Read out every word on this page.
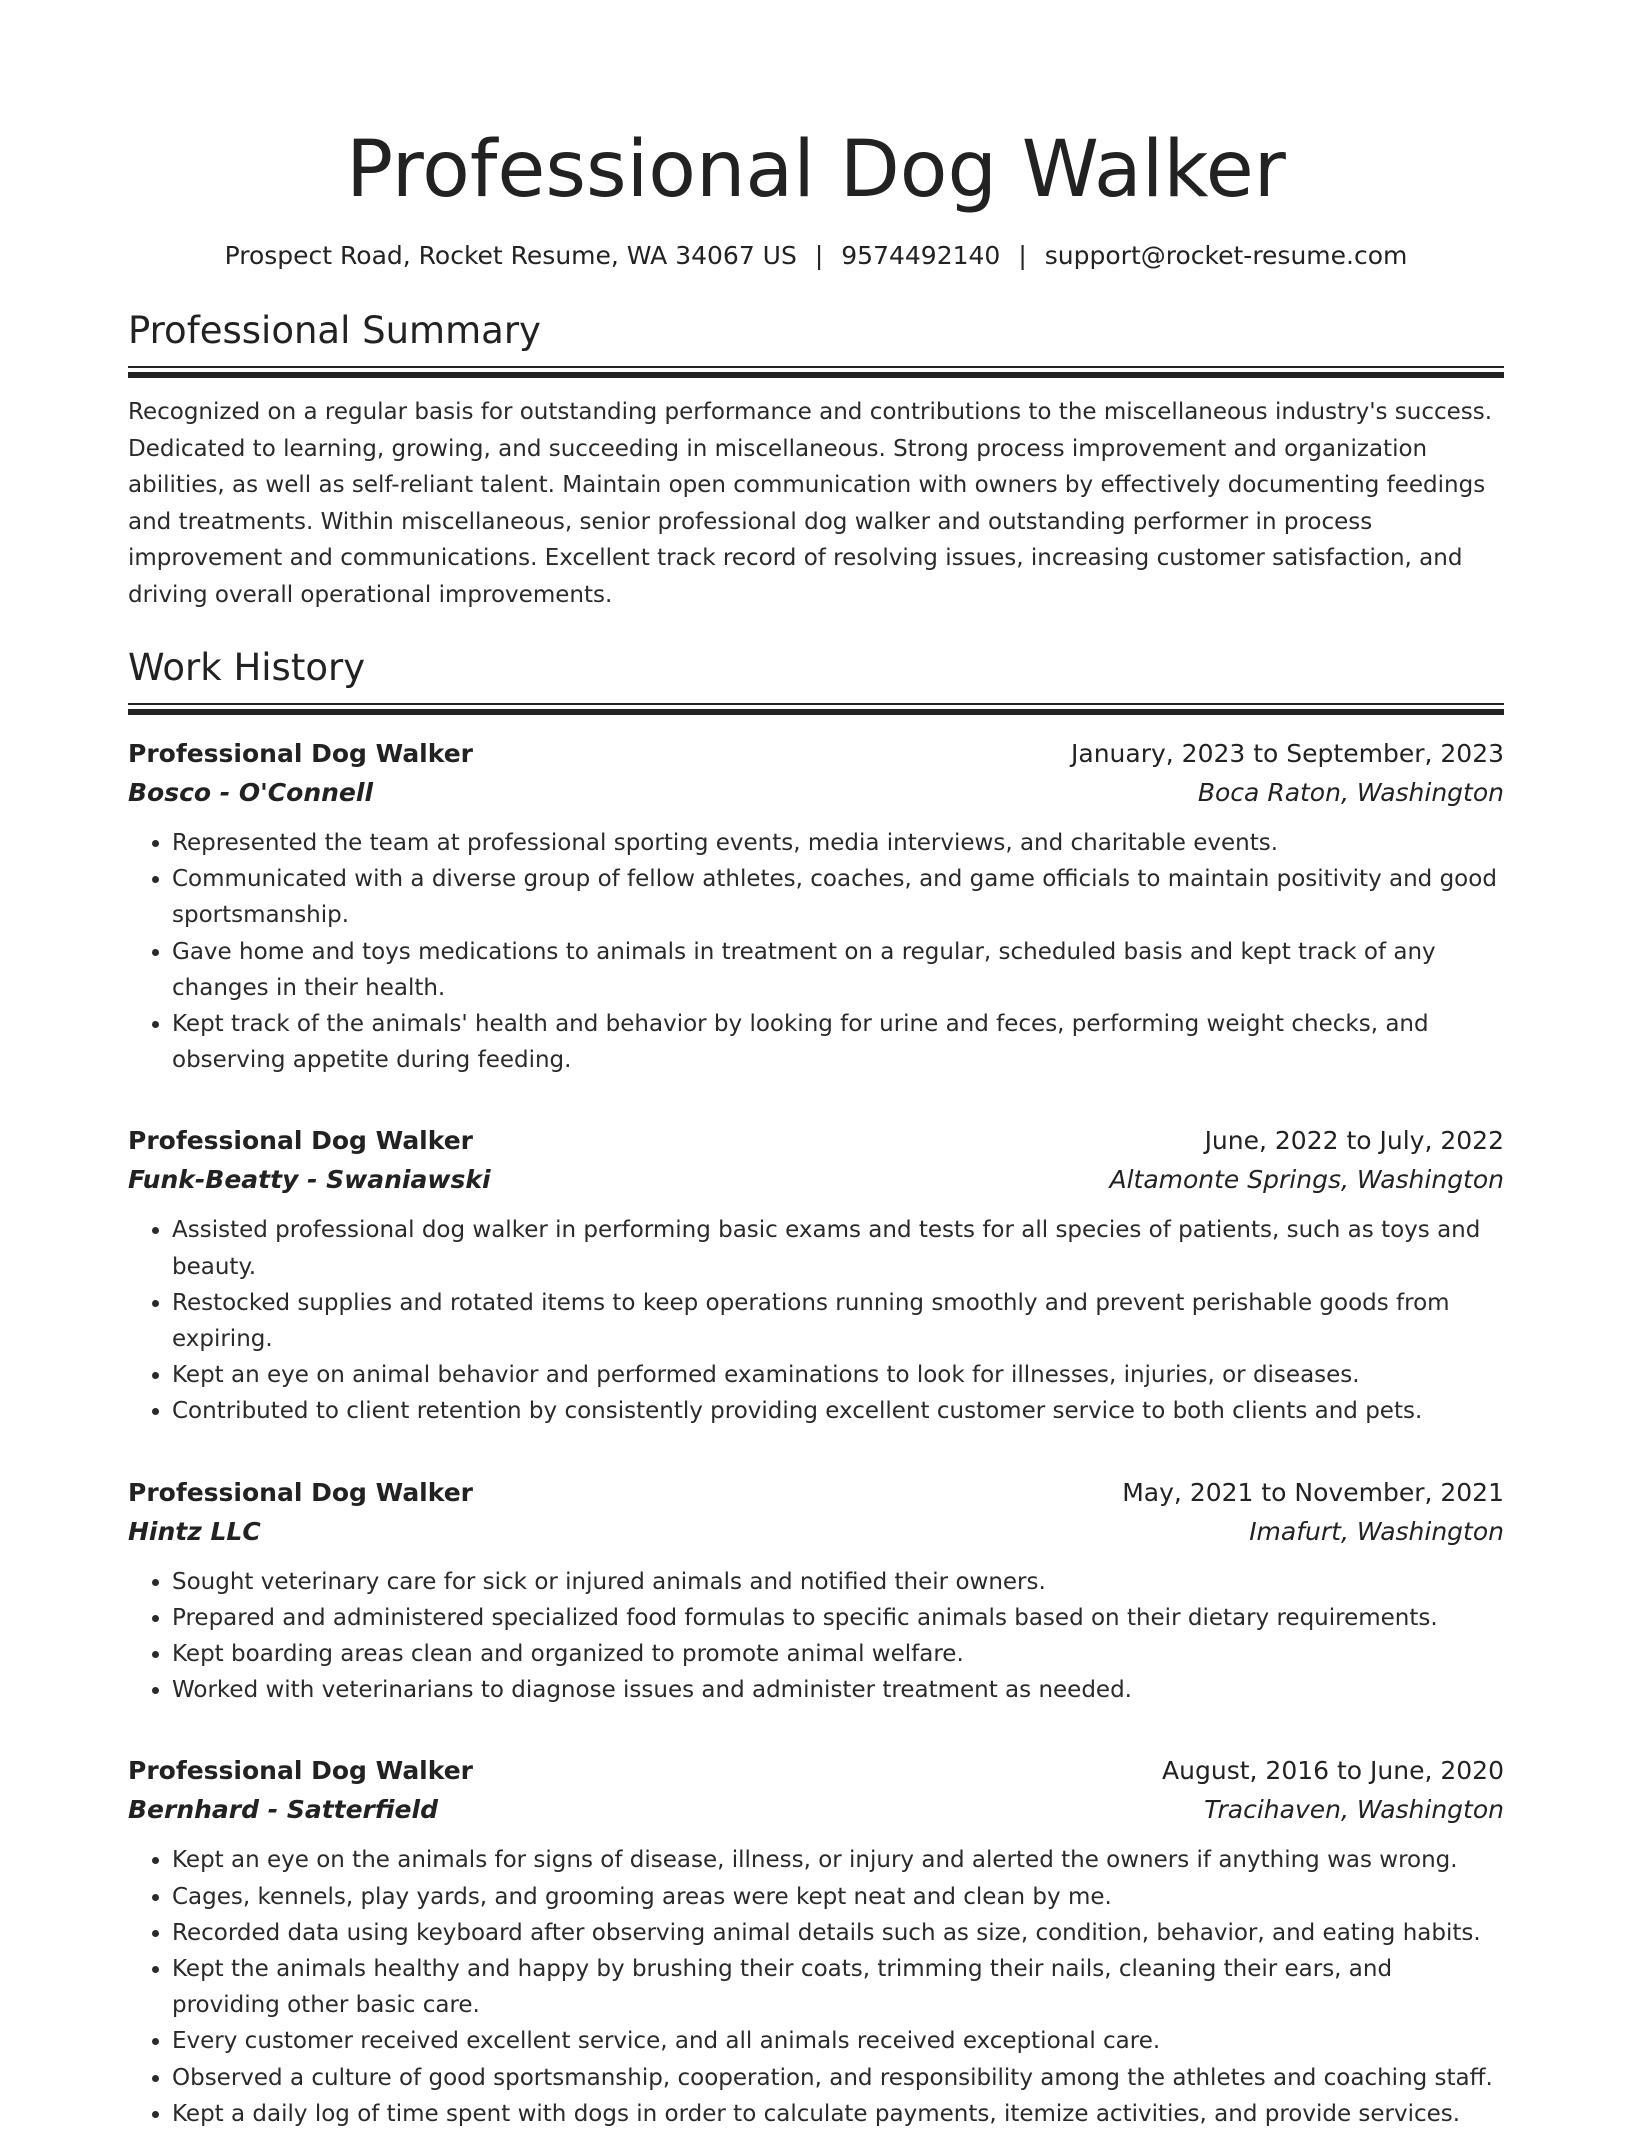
Professional Dog Walker
Prospect Road, Rocket Resume, WA 34067 US | 9574492140 | support@rocket-resume.com
Professional Summary

Recognized on a regular basis for outstanding performance and contributions to the miscellaneous industry's success. Dedicated to learning, growing, and succeeding in miscellaneous. Strong process improvement and organization abilities, as well as self-reliant talent. Maintain open communication with owners by effectively documenting feedings and treatments. Within miscellaneous, senior professional dog walker and outstanding performer in process improvement and communications. Excellent track record of resolving issues, increasing customer satisfaction, and driving overall operational improvements.

Work History
Professional Dog Walker	January, 2023 to September, 2023
Bosco - O'Connell	Boca Raton, Washington
• Represented the team at professional sporting events, media interviews, and charitable events.
• Communicated with a diverse group of fellow athletes, coaches, and game officials to maintain positivity and good sportsmanship.
• Gave home and toys medications to animals in treatment on a regular, scheduled basis and kept track of any changes in their health.
• Kept track of the animals' health and behavior by looking for urine and feces, performing weight checks, and observing appetite during feeding.
Professional Dog Walker	June, 2022 to July, 2022
Funk-Beatty - Swaniawski	Altamonte Springs, Washington
• Assisted professional dog walker in performing basic exams and tests for all species of patients, such as toys and beauty.
• Restocked supplies and rotated items to keep operations running smoothly and prevent perishable goods from expiring.
• Kept an eye on animal behavior and performed examinations to look for illnesses, injuries, or diseases.
• Contributed to client retention by consistently providing excellent customer service to both clients and pets.
Professional Dog Walker	May, 2021 to November, 2021
Hintz LLC	Imafurt, Washington
• Sought veterinary care for sick or injured animals and notified their owners.
• Prepared and administered specialized food formulas to specific animals based on their dietary requirements.
• Kept boarding areas clean and organized to promote animal welfare.
• Worked with veterinarians to diagnose issues and administer treatment as needed.
Professional Dog Walker	August, 2016 to June, 2020
Bernhard - Satterfield	Tracihaven, Washington
• Kept an eye on the animals for signs of disease, illness, or injury and alerted the owners if anything was wrong.
• Cages, kennels, play yards, and grooming areas were kept neat and clean by me.
• Recorded data using keyboard after observing animal details such as size, condition, behavior, and eating habits.
• Kept the animals healthy and happy by brushing their coats, trimming their nails, cleaning their ears, and providing other basic care.
• Every customer received excellent service, and all animals received exceptional care.
• Observed a culture of good sportsmanship, cooperation, and responsibility among the athletes and coaching staff.
• Kept a daily log of time spent with dogs in order to calculate payments, itemize activities, and provide services.
